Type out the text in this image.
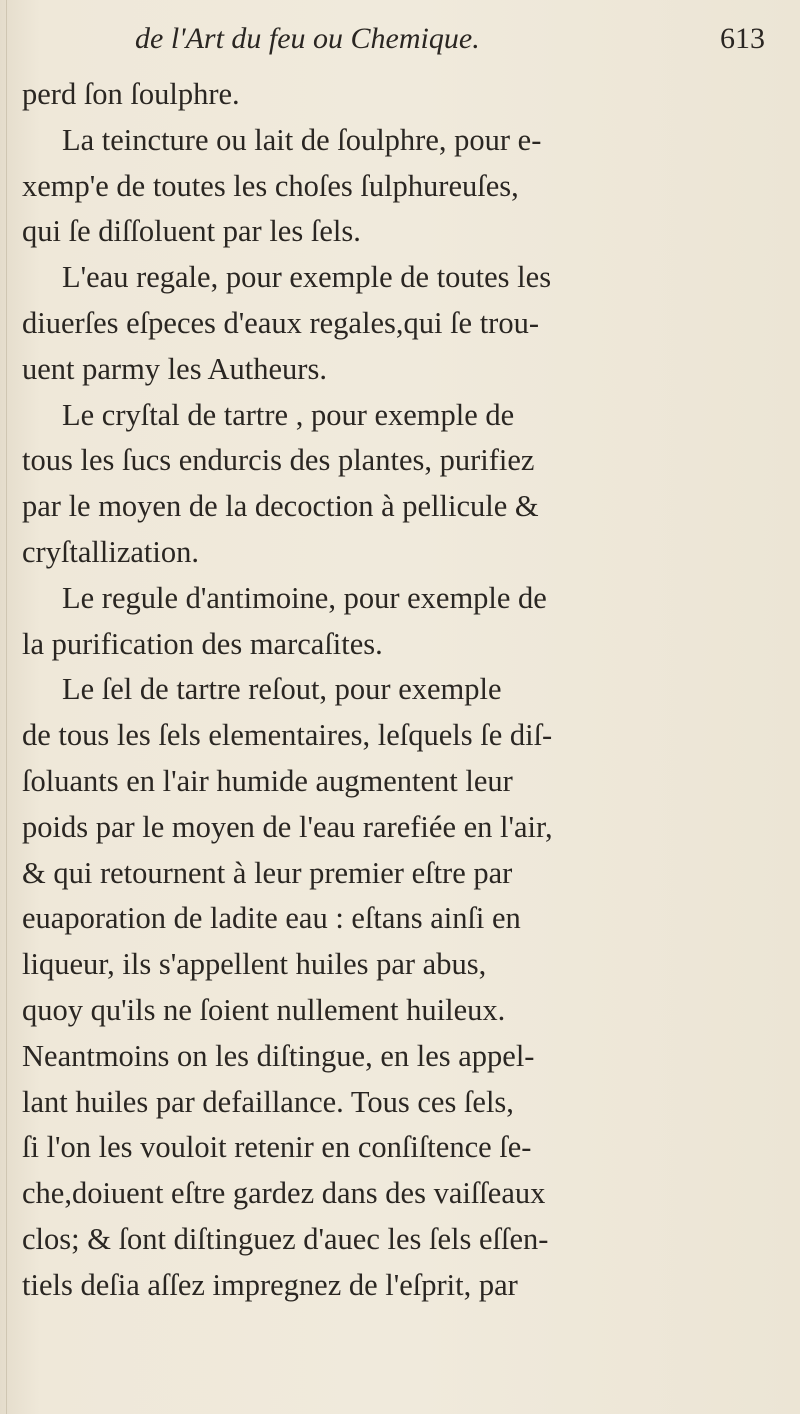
de l'Art du feu ou Chemique.	613
perd ſon ſoulphre.
La teincture ou lait de ſoulphre, pour e-
xemp'e de toutes les choſes ſulphureuſes,
qui ſe diſſoluent par les ſels.
L'eau regale, pour exemple de toutes les
diuerſes eſpeces d'eaux regales,qui ſe trou-
uent parmy les Autheurs.
Le cryſtal de tartre , pour exemple de
tous les ſucs endurcis des plantes, purifiez
par le moyen de la decoction à pellicule &
cryſtallization.
Le regule d'antimoine, pour exemple de
la purification des marcaſites.
Le ſel de tartre reſout, pour exemple
de tous les ſels elementaires, leſquels ſe diſ-
ſoluants en l'air humide augmentent leur
poids par le moyen de l'eau rarefiée en l'air,
& qui retournent à leur premier eſtre par
euaporation de ladite eau : eſtans ainſi en
liqueur, ils s'appellent huiles par abus,
quoy qu'ils ne ſoient nullement huileux.
Neantmoins on les diſtingue, en les appel-
lant huiles par defaillance. Tous ces ſels,
ſi l'on les vouloit retenir en conſiſtence ſe-
che,doiuent eſtre gardez dans des vaiſſeaux
clos; & ſont diſtinguez d'auec les ſels eſſen-
tiels deſia aſſez impregnez de l'eſprit, par
